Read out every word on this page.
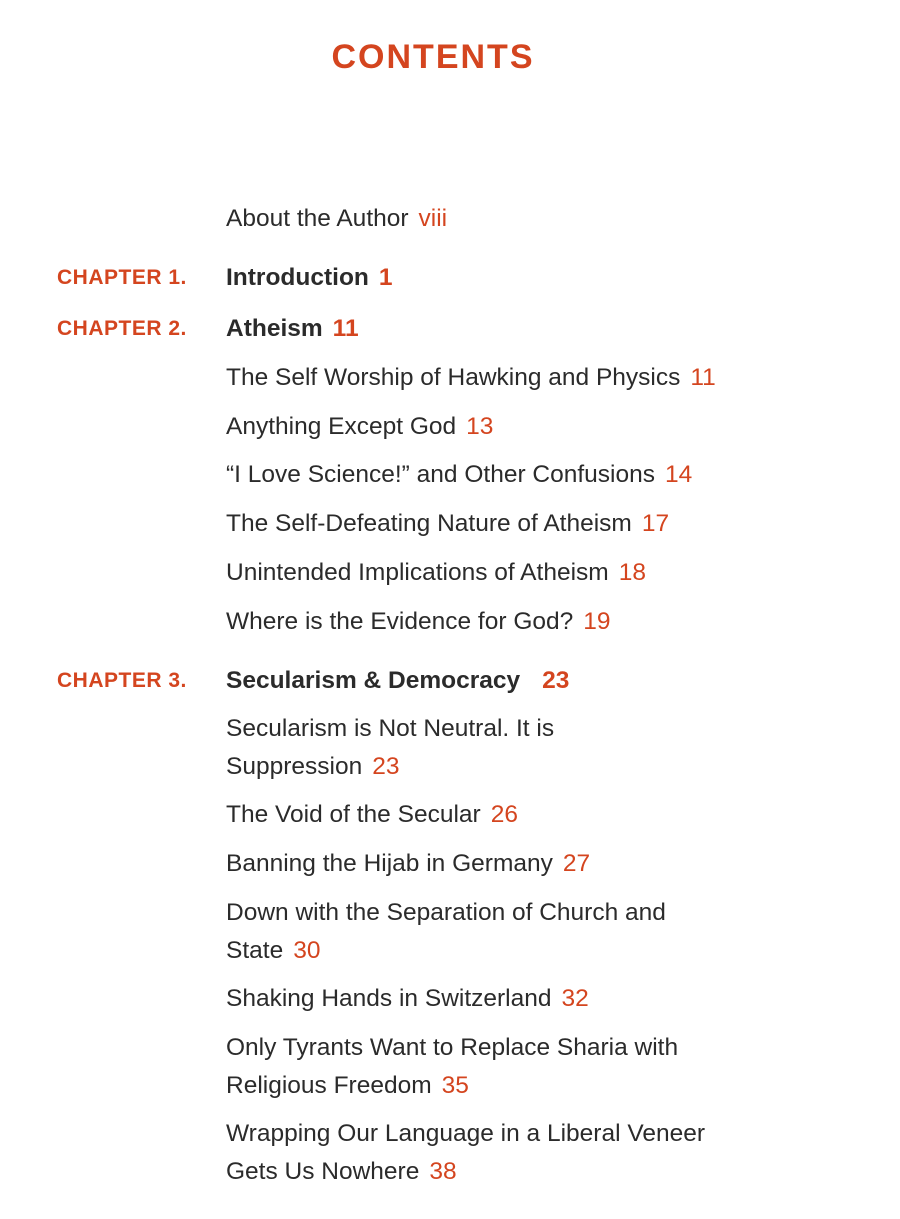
CONTENTS
About the Author viii
CHAPTER 1. Introduction 1
CHAPTER 2. Atheism 11
The Self Worship of Hawking and Physics 11
Anything Except God 13
“I Love Science!” and Other Confusions 14
The Self-Defeating Nature of Atheism 17
Unintended Implications of Atheism 18
Where is the Evidence for God? 19
CHAPTER 3. Secularism & Democracy 23
Secularism is Not Neutral. It is
Suppression 23
The Void of the Secular 26
Banning the Hijab in Germany 27
Down with the Separation of Church and
State 30
Shaking Hands in Switzerland 32
Only Tyrants Want to Replace Sharia with
Religious Freedom 35
Wrapping Our Language in a Liberal Veneer
Gets Us Nowhere 38
